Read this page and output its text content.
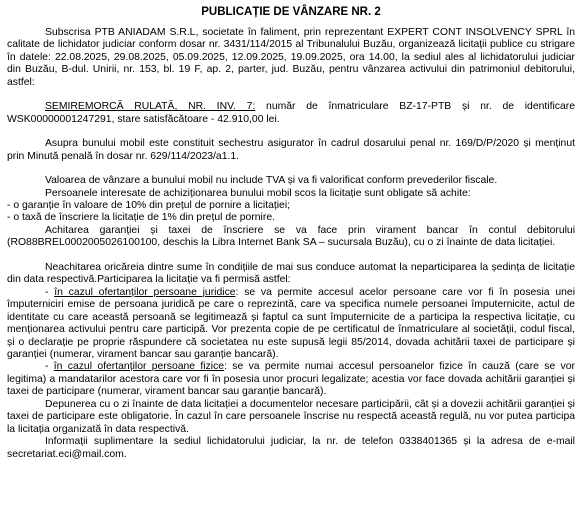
PUBLICAȚIE DE VÂNZARE NR. 2

Subscrisa PTB ANIADAM S.R.L, societate în faliment, prin reprezentant EXPERT CONT INSOLVENCY SPRL în calitate de lichidator judiciar conform dosar nr. 3431/114/2015 al Tribunalului Buzău, organizează licitații publice cu strigare în datele: 22.08.2025, 29.08.2025, 05.09.2025, 12.09.2025, 19.09.2025, ora 14.00, la sediul ales al lichidatorului judiciar din Buzău, B-dul. Unirii, nr. 153, bl. 19 F, ap. 2, parter, jud. Buzău, pentru vânzarea activului din patrimoniul debitorului, astfel:

SEMIREMORCĂ RULATĂ, NR. INV. 7: număr de înmatriculare BZ-17-PTB și nr. de identificare WSK00000001247291, stare satisfăcătoare - 42.910,00 lei.

Asupra bunului mobil este constituit sechestru asigurator în cadrul dosarului penal nr. 169/D/P/2020 și menținut prin Minută penală în dosar nr. 629/114/2023/a1.1.

Valoarea de vânzare a bunului mobil nu include TVA și va fi valorificat conform prevederilor fiscale.

Persoanele interesate de achiziționarea bunului mobil scos la licitație sunt obligate să achite:

- o garanție în valoare de 10% din prețul de pornire a licitației;

- o taxă de înscriere la licitație de 1% din prețul de pornire.

Achitarea garanției și taxei de înscriere se va face prin virament bancar în contul debitorului (RO88BREL0002005026100100, deschis la Libra Internet Bank SA – sucursala Buzău), cu o zi înainte de data licitației.

Neachitarea oricăreia dintre sume în condițiile de mai sus conduce automat la neparticiparea la ședința de licitație din data respectivă.Participarea la licitație va fi permisă astfel:

- în cazul ofertanților persoane juridice: se va permite accesul acelor persoane care vor fi în posesia unei împuterniciri emise de persoana juridică pe care o reprezintă, care va specifica numele persoanei împuternicite, actul de identitate cu care această persoană se legitimează și faptul ca sunt împuternicite de a participa la respectiva licitație, cu menționarea activului pentru care participă. Vor prezenta copie de pe certificatul de înmatriculare al societății, codul fiscal, și o declarație pe proprie răspundere că societatea nu este supusă legii 85/2014, dovada achitării taxei de participare și garanției (numerar, virament bancar sau garanție bancară).

- în cazul ofertanților persoane fizice: se va permite numai accesul persoanelor fizice în cauză (care se vor legitima) a mandatarilor acestora care vor fi în posesia unor procuri legalizate; acestia vor face dovada achitării garanției și taxei de participare (numerar, virament bancar sau garanție bancară).

Depunerea cu o zi înainte de data licitației a documentelor necesare participării, cât și a dovezii achitării garanției și taxei de participare este obligatorie. În cazul în care persoanele înscrise nu respectă această regulă, nu vor putea participa la licitația organizată în data respectivă.

Informații suplimentare la sediul lichidatorului judiciar, la nr. de telefon 0338401365 și la adresa de e-mail secretariat.eci@mail.com.
